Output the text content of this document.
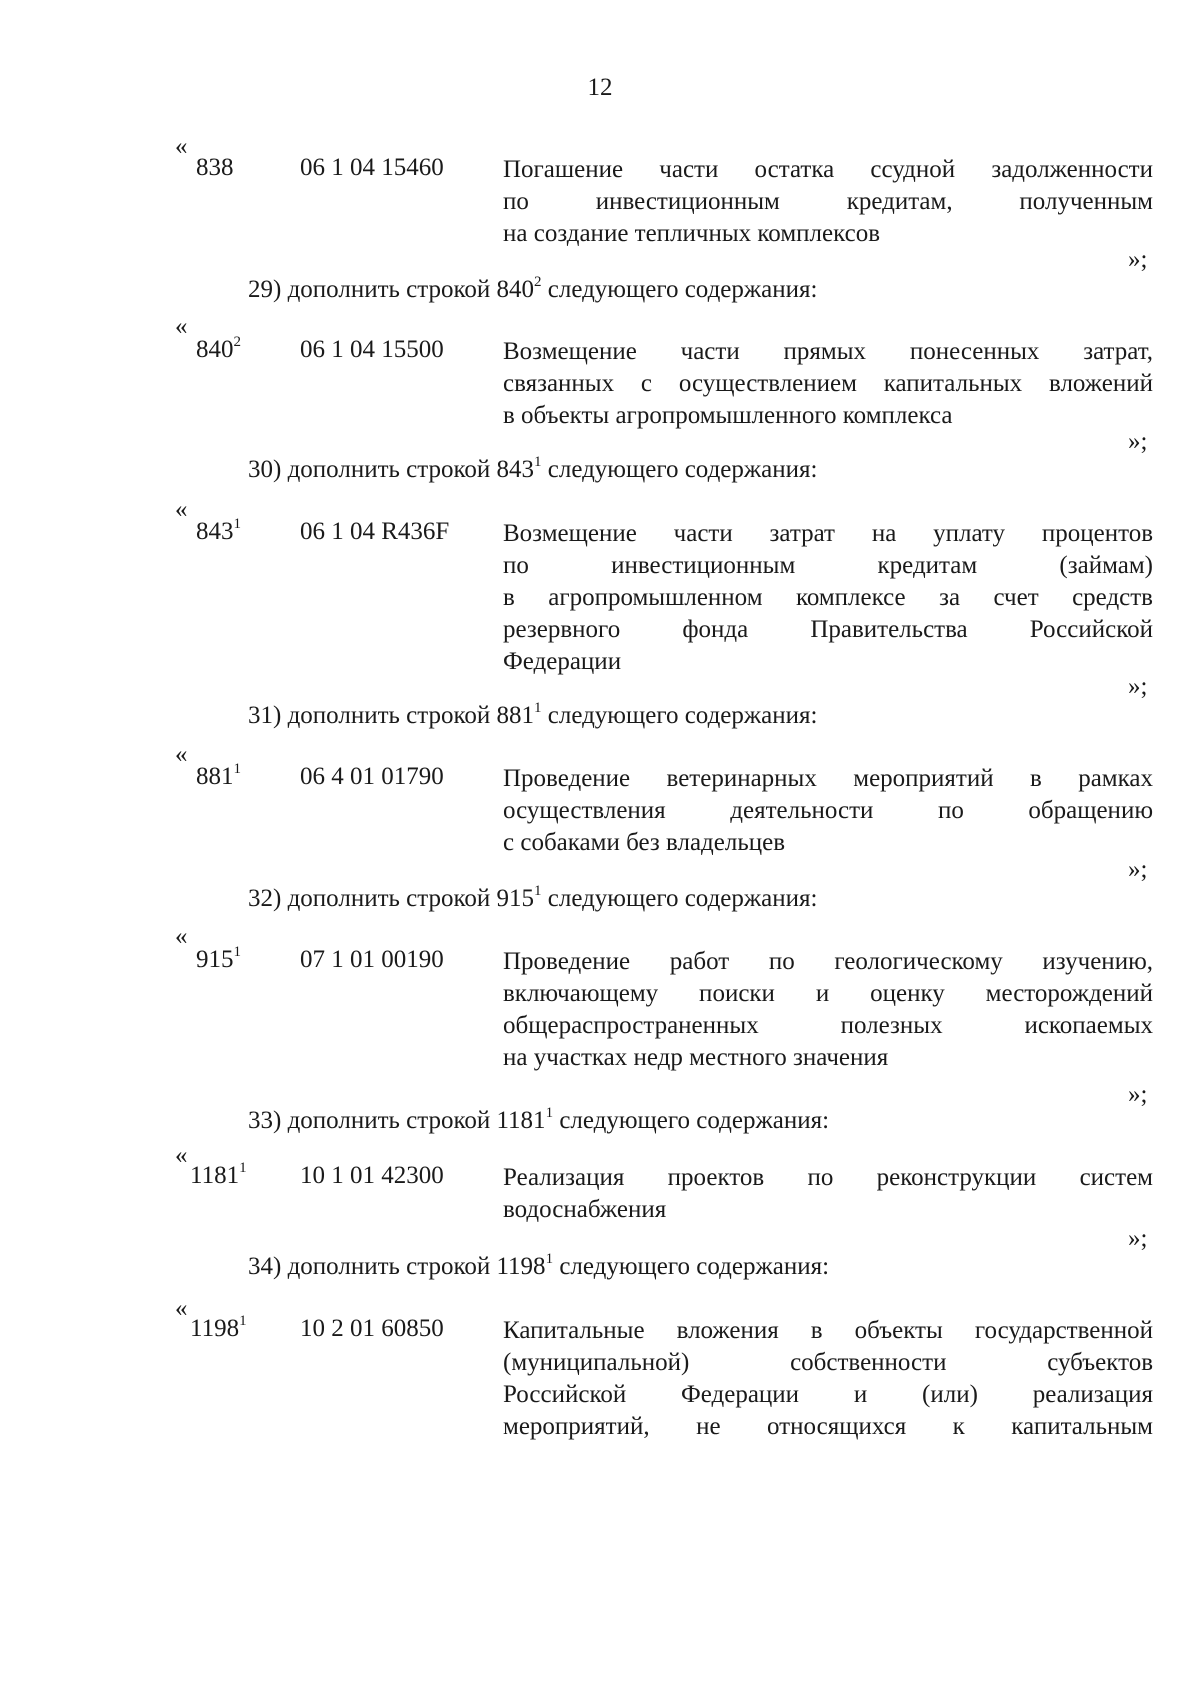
12
«
838	06 1 04 15460	Погашение части остатка ссудной задолженности
по инвестиционным кредитам, полученным
на создание тепличных комплексов
»;
29) дополнить строкой $840^2$ следующего содержания:
«
$840^2$	06 1 04 15500	Возмещение части прямых понесенных затрат,
связанных с осуществлением капитальных вложений
в объекты агропромышленного комплекса
»;
30) дополнить строкой $843^1$ следующего содержания:
«
$843^1$	06 1 04 R436F	Возмещение части затрат на уплату процентов
по инвестиционным кредитам (займам)
в агропромышленном комплексе за счет средств
резервного фонда Правительства Российской
Федерации
»;
31) дополнить строкой $881^1$ следующего содержания:
«
$881^1$	06 4 01 01790	Проведение ветеринарных мероприятий в рамках
осуществления деятельности по обращению
с собаками без владельцев
»;
32) дополнить строкой $915^1$ следующего содержания:
«
$915^1$	07 1 01 00190	Проведение работ по геологическому изучению,
включающему поиски и оценку месторождений
общераспространенных полезных ископаемых
на участках недр местного значения
»;
33) дополнить строкой 1181$^1$ следующего содержания:
«
1181$^1$	10 1 01 42300	Реализация проектов по реконструкции систем
водоснабжения
»;
34) дополнить строкой 1198$^1$ следующего содержания:
«
1198$^1$	10 2 01 60850	Капитальные вложения в объекты государственной
(муниципальной) собственности субъектов
Российской Федерации и (или) реализация
мероприятий, не относящихся к капитальным
